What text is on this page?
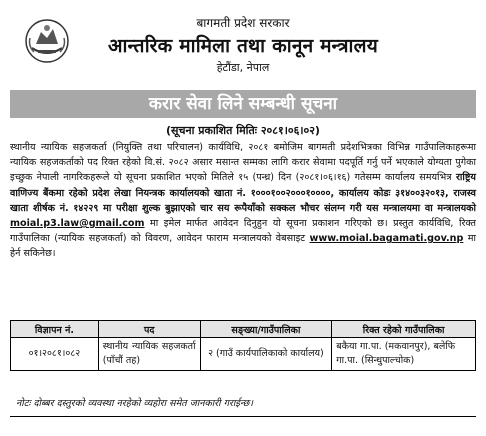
बागमती प्रदेश सरकार
आन्तरिक मामिला तथा कानून मन्त्रालय
हेटौंडा, नेपाल
करार सेवा लिने सम्बन्धी सूचना
(सूचना प्रकाशित मितिः २०८१।०६।०२)
स्थानीय न्यायिक सहजकर्ता (नियुक्ति तथा परिचालन) कार्यविधि, २०८१ बमोजिम बागमती प्रदेशभित्रका विभिन्न गाउँपालिकाहरूमा न्यायिक सहजकर्ताको पद रिक्त रहेको वि.सं. २०८२ असार मसान्त सम्मका लागि करार सेवामा पदपूर्ति गर्नु पर्ने भएकाले योग्यता पुगेका इच्छुक नेपाली नागरिकहरूले यो सूचना प्रकाशित भएको मितिले १५ (पन्ध्र) दिन (२०८१।०६।१६) गतेसम्म कार्यालय समयभित्र राष्ट्रिय वाणिज्य बैंकमा रहेको प्रदेश लेखा नियन्त्रक कार्यालयको खाता नं. १०००१००२०००१००००, कार्यालय कोडः ३१४००३२०१३, राजस्व खाता शीर्षक नं. १४२२९ मा परीक्षा शुल्क बुझाएको चार सय रूपैयाँको सक्कल भौचर संलग्न गरी यस मन्त्रालयमा वा मन्त्रालयको moial.p3.law@gmail.com मा इमेल मार्फत आवेदन दिनुहुन यो सूचना प्रकाशन गरिएको छ। प्रस्तुत कार्यविधि, रिक्त गाउँपालिका (न्यायिक सहजकर्ता) को विवरण, आवेदन फाराम मन्त्रालयको वेबसाइट www.moial.bagamati.gov.np मा हेर्न सकिनेछ।
विज्ञापन नं.	पद	सङ्ख्या/गाउँपालिका	रिक्त रहेको गाउँपालिका
०१।२०८१।०८२	स्थानीय न्यायिक सहजकर्ता (पाँचौं तह)	२ (गाउँ कार्यपालिकाको कार्यालय)	बकैया गा.पा. (मकवानपुर), बलेफि गा.पा. (सिन्धुपाल्चोक)
नोटः दोब्बर दस्तुरको व्यवस्था नरहेको व्यहोरा समेत जानकारी गराईन्छ।
